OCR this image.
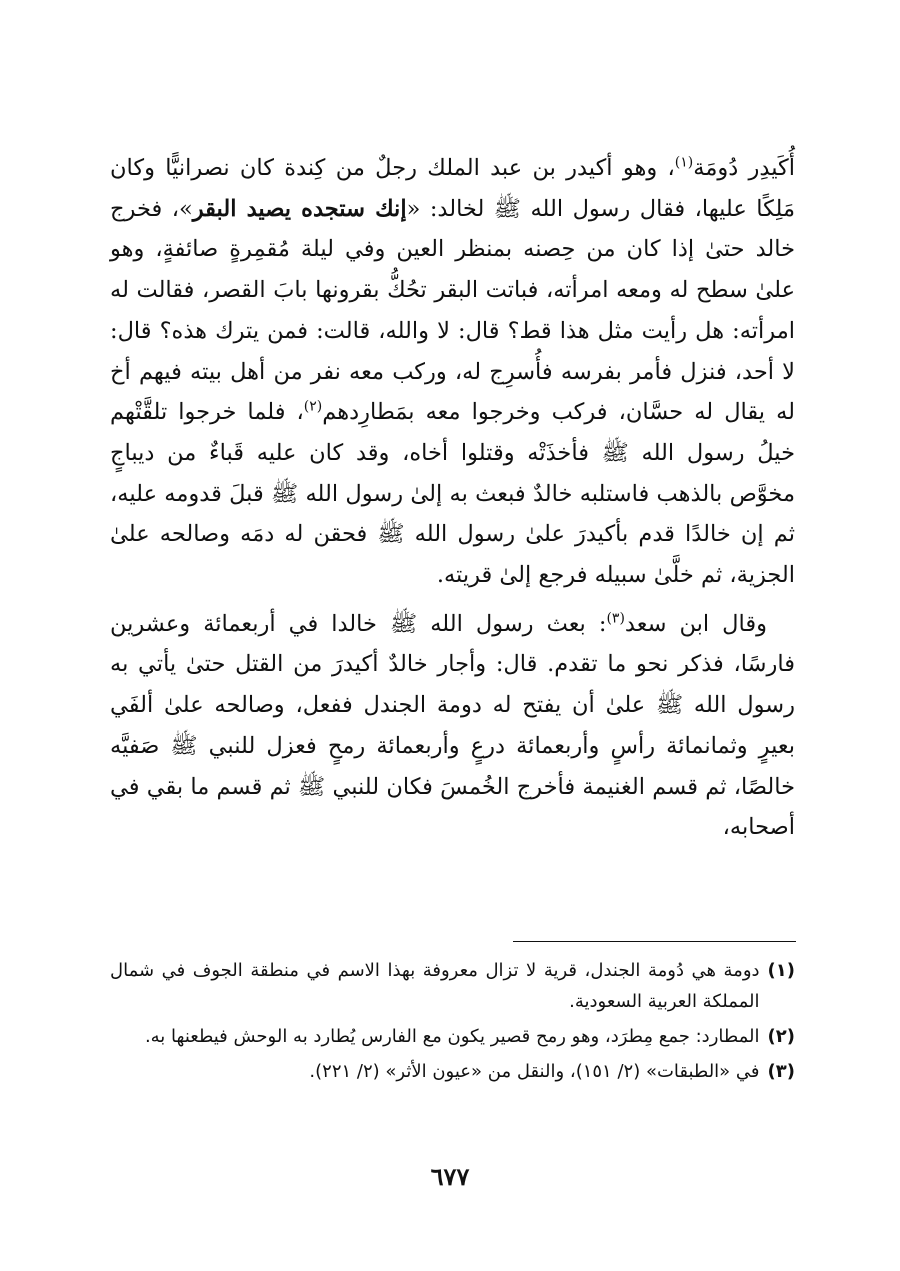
أُكَيدِر دُومَة$^{(١)}$، وهو أكيدر بن عبد الملك رجلٌ من كِندة كان نصرانيًّا وكان مَلِكًا عليها، فقال رسول الله ﷺ لخالد: «إنك ستجده يصيد البقر»، فخرج خالد حتىٰ إذا كان من حِصنه بمنظر العين وفي ليلة مُقمِرةٍ صائفةٍ، وهو علىٰ سطح له ومعه امرأته، فباتت البقر تحُكُّ بقرونها بابَ القصر، فقالت له امرأته: هل رأيت مثل هذا قط؟ قال: لا والله، قالت: فمن يترك هذه؟ قال: لا أحد، فنزل فأمر بفرسه فأُسرِج له، وركب معه نفر من أهل بيته فيهم أخ له يقال له حسَّان، فركب وخرجوا معه بمَطارِدهم$^{(٢)}$، فلما خرجوا تلقَّتْهم خيلُ رسول الله ﷺ فأخذَتْه وقتلوا أخاه، وقد كان عليه قَباءٌ من ديباجٍ مخوَّص بالذهب فاستلبه خالدٌ فبعث به إلىٰ رسول الله ﷺ قبلَ قدومه عليه، ثم إن خالدًا قدم بأكيدرَ علىٰ رسول الله ﷺ فحقن له دمَه وصالحه علىٰ الجزية، ثم خلَّىٰ سبيله فرجع إلىٰ قريته.

وقال ابن سعد$^{(٣)}$: بعث رسول الله ﷺ خالدا في أربعمائة وعشرين فارسًا، فذكر نحو ما تقدم. قال: وأجار خالدٌ أكيدرَ من القتل حتىٰ يأتي به رسول الله ﷺ علىٰ أن يفتح له دومة الجندل ففعل، وصالحه علىٰ ألفَي بعيرٍ وثمانمائة رأسٍ وأربعمائة درعٍ وأربعمائة رمحٍ فعزل للنبي ﷺ صَفيَّه خالصًا، ثم قسم الغنيمة فأخرج الخُمسَ فكان للنبي ﷺ ثم قسم ما بقي في أصحابه،

(١)
دومة هي دُومة الجندل، قرية لا تزال معروفة بهذا الاسم في منطقة الجوف في شمال المملكة العربية السعودية.
(٢)
المطارد: جمع مِطرَد، وهو رمح قصير يكون مع الفارس يُطارد به الوحش فيطعنها به.
(٣)
في «الطبقات» (٢/ ١٥١)، والنقل من «عيون الأثر» (٢/ ٢٢١).
٦٧٧
